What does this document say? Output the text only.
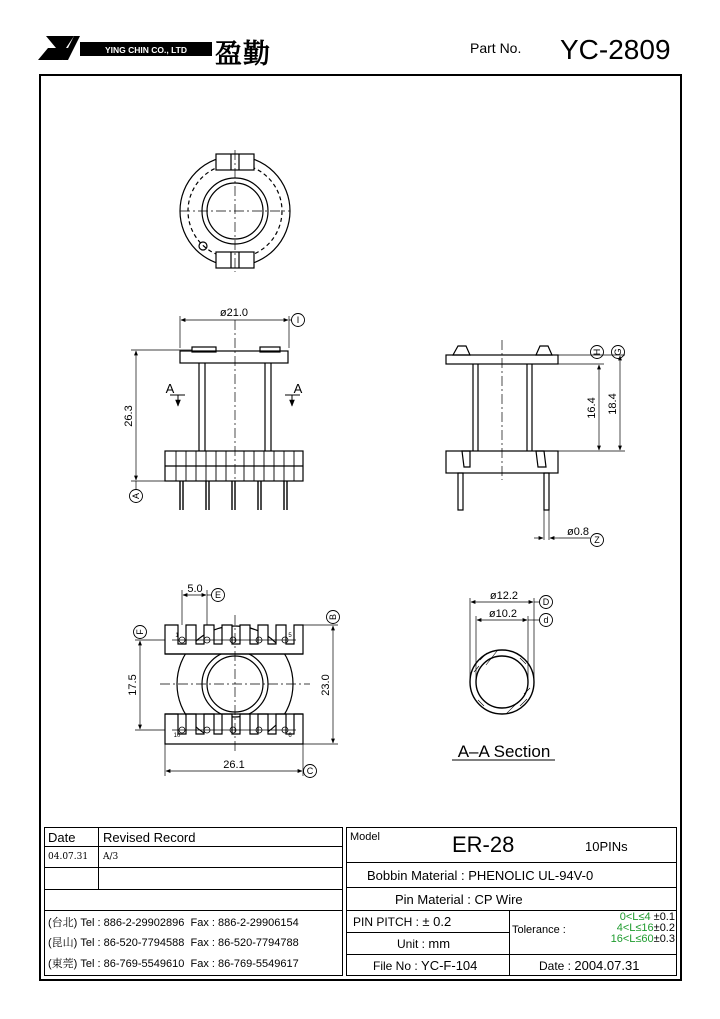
YING CHIN CO., LTD 盈勤	Part No. YC-2809
I
A
H G
Z
E
F
B
C
D
d
ø21.0
26.3	16.4 18.4
ø0.8
5.0
17.5	23.0
26.1
ø12.2
ø10.2
A	A
1	5
6
10
A–A Section
Date Revised Record
04.07.31 A/3
(台北) Tel : 886-2-29902896 Fax : 886-2-29906154
(昆山) Tel : 86-520-7794588 Fax : 86-520-7794788
(東莞) Tel : 86-769-5549610 Fax : 86-769-5549617
Model	ER-28	10PINs
Bobbin Material : PHENOLIC UL-94V-0
Pin Material : CP Wire
PIN PITCH : ± 0.2
Unit : mm
File No : YC-F-104	Date : 2004.07.31
Tolerance :
0<L≤4 ±0.1
4<L≤16±0.2
16<L≤60±0.3
